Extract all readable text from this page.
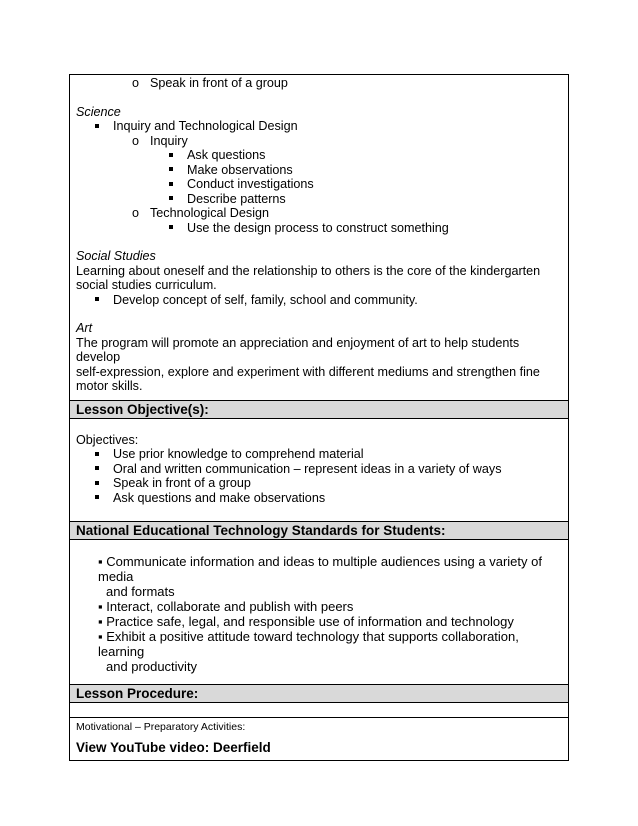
o Speak in front of a group

Science

Inquiry and Technological Design

o Inquiry

Ask questions

Make observations

Conduct investigations

Describe patterns

o Technological Design

Use the design process to construct something

Social Studies

Learning about oneself and the relationship to others is the core of the kindergarten

social studies curriculum.

Develop concept of self, family, school and community.

Art

The program will promote an appreciation and enjoyment of art to help students develop

self-expression, explore and experiment with different mediums and strengthen fine

motor skills.

Lesson Objective(s):

Objectives:

Use prior knowledge to comprehend material

Oral and written communication – represent ideas in a variety of ways

Speak in front of a group

Ask questions and make observations

National Educational Technology Standards for Students:
▪ Communicate information and ideas to multiple audiences using a variety of media
and formats
▪ Interact, collaborate and publish with peers
▪ Practice safe, legal, and responsible use of information and technology
▪ Exhibit a positive attitude toward technology that supports collaboration, learning
and productivity
Lesson Procedure:

Motivational – Preparatory Activities:

View YouTube video: Deerfield
